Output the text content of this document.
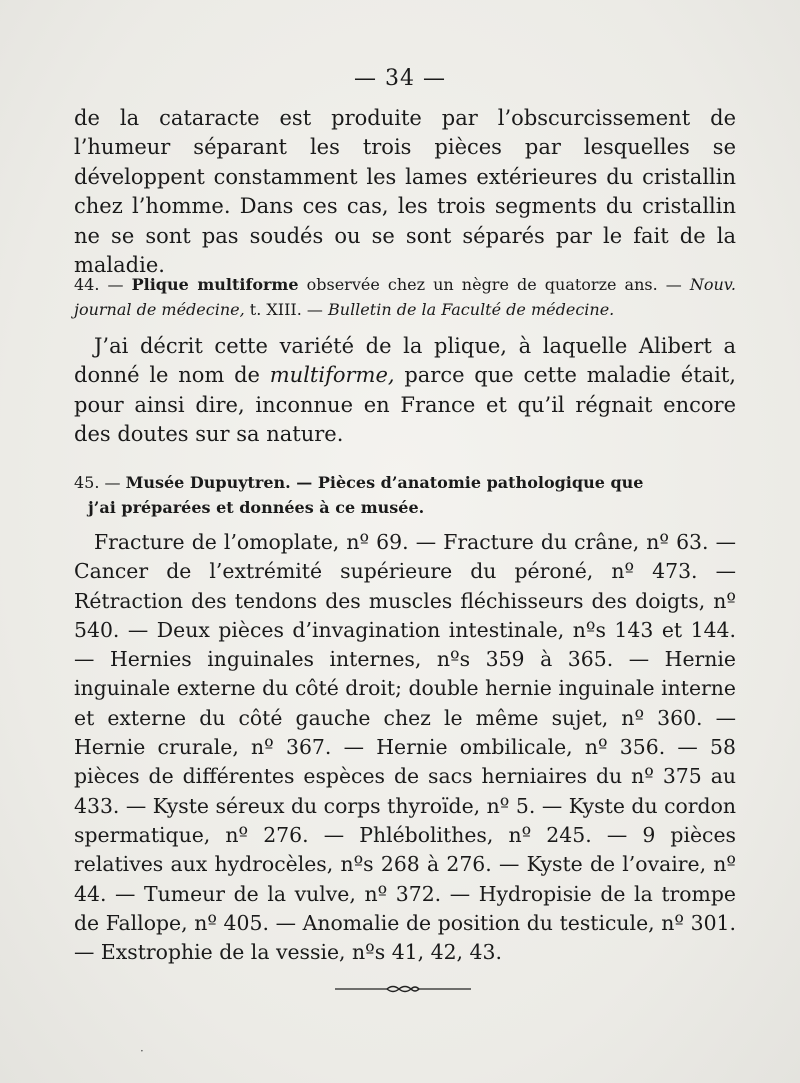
— 34 —

de la cataracte est produite par l’obscurcissement de l’humeur séparant les trois pièces par lesquelles se développent constamment les lames extérieures du cristallin chez l’homme. Dans ces cas, les trois segments du cristallin ne se sont pas soudés ou se sont séparés par le fait de la maladie.

44. — Plique multiforme observée chez un nègre de quatorze ans. — Nouv. journal de médecine, t. XIII. — Bulletin de la Faculté de médecine.

J’ai décrit cette variété de la plique, à laquelle Alibert a donné le nom de multiforme, parce que cette maladie était, pour ainsi dire, inconnue en France et qu’il régnait encore des doutes sur sa nature.

45. — Musée Dupuytren. — Pièces d’anatomie pathologique que
j’ai préparées et données à ce musée.

Fracture de l’omoplate, nº 69. — Fracture du crâne, nº 63. — Cancer de l’extrémité supérieure du péroné, nº 473. — Rétraction des tendons des muscles fléchisseurs des doigts, nº 540. — Deux pièces d’invagination intestinale, nºs 143 et 144. — Hernies inguinales internes, nºs 359 à 365. — Hernie inguinale externe du côté droit; double hernie inguinale interne et externe du côté gauche chez le même sujet, nº 360. — Hernie crurale, nº 367. — Hernie ombilicale, nº 356. — 58 pièces de différentes espèces de sacs herniaires du nº 375 au 433. — Kyste séreux du corps thyroïde, nº 5. — Kyste du cordon spermatique, nº 276. — Phlébolithes, nº 245. — 9 pièces relatives aux hydrocèles, nºs 268 à 276. — Kyste de l’ovaire, nº 44. — Tumeur de la vulve, nº 372. — Hydropisie de la trompe de Fallope, nº 405. — Anomalie de position du testicule, nº 301. — Exstrophie de la vessie, nºs 41, 42, 43.

·
